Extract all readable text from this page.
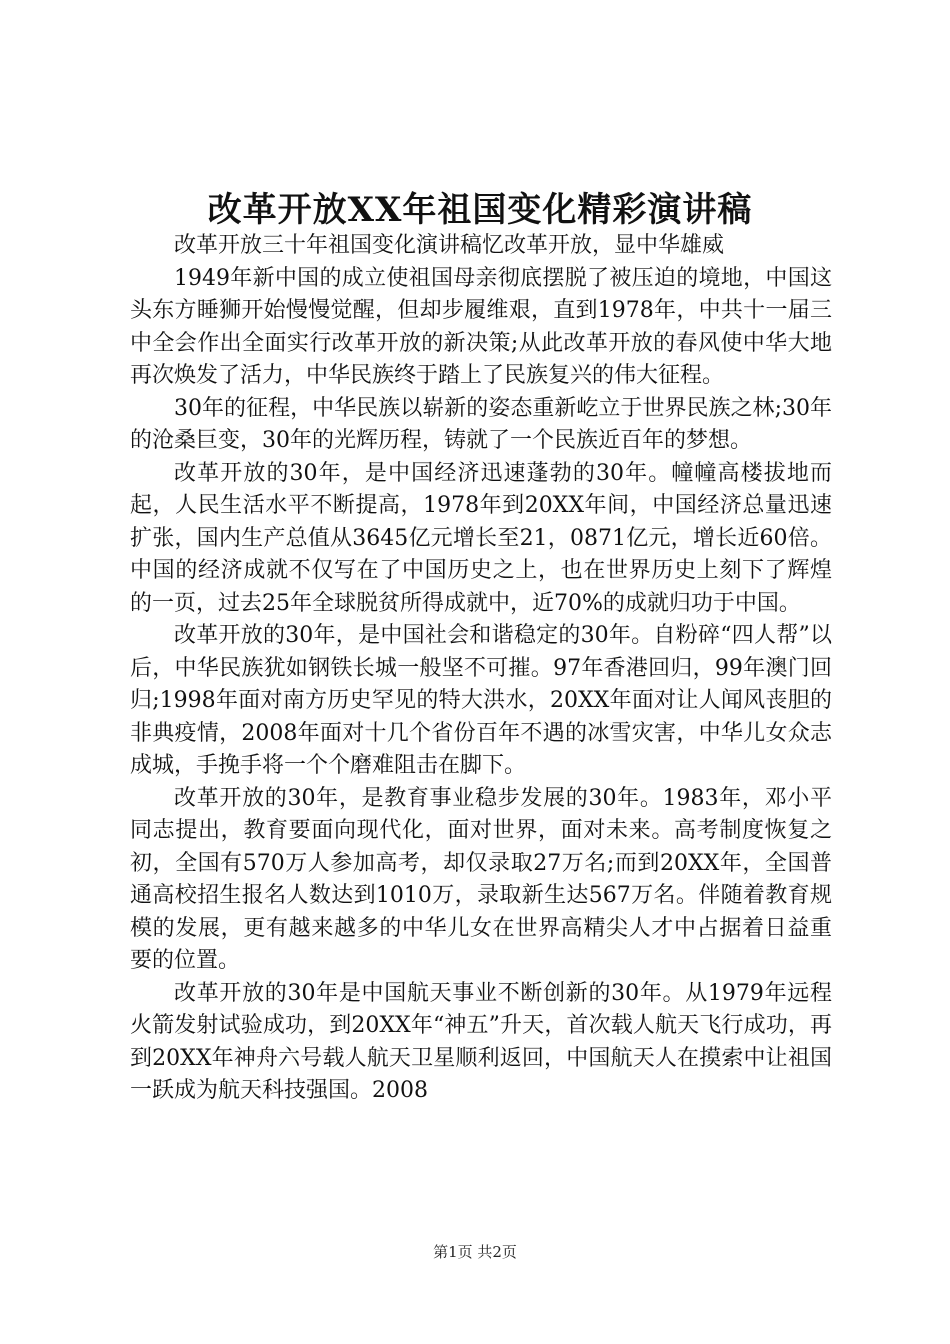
改革开放XX年祖国变化精彩演讲稿

改革开放三十年祖国变化演讲稿忆改革开放，显中华雄威

1949年新中国的成立使祖国母亲彻底摆脱了被压迫的境地，中国这头东方睡狮开始慢慢觉醒，但却步履维艰，直到1978年，中共十一届三中全会作出全面实行改革开放的新决策;从此改革开放的春风使中华大地再次焕发了活力，中华民族终于踏上了民族复兴的伟大征程。

30年的征程，中华民族以崭新的姿态重新屹立于世界民族之林;30年的沧桑巨变，30年的光辉历程，铸就了一个民族近百年的梦想。

改革开放的30年，是中国经济迅速蓬勃的30年。幢幢高楼拔地而起，人民生活水平不断提高，1978年到20XX年间，中国经济总量迅速扩张，国内生产总值从3645亿元增长至21，0871亿元，增长近60倍。中国的经济成就不仅写在了中国历史之上，也在世界历史上刻下了辉煌的一页，过去25年全球脱贫所得成就中，近70%的成就归功于中国。

改革开放的30年，是中国社会和谐稳定的30年。自粉碎“四人帮”以后，中华民族犹如钢铁长城一般坚不可摧。97年香港回归，99年澳门回归;1998年面对南方历史罕见的特大洪水，20XX年面对让人闻风丧胆的非典疫情，2008年面对十几个省份百年不遇的冰雪灾害，中华儿女众志成城，手挽手将一个个磨难阻击在脚下。

改革开放的30年，是教育事业稳步发展的30年。1983年，邓小平同志提出，教育要面向现代化，面对世界，面对未来。高考制度恢复之初，全国有570万人参加高考，却仅录取27万名;而到20XX年，全国普通高校招生报名人数达到1010万，录取新生达567万名。伴随着教育规模的发展，更有越来越多的中华儿女在世界高精尖人才中占据着日益重要的位置。

改革开放的30年是中国航天事业不断创新的30年。从1979年远程火箭发射试验成功，到20XX年“神五”升天，首次载人航天飞行成功，再到20XX年神舟六号载人航天卫星顺利返回，中国航天人在摸索中让祖国一跃成为航天科技强国。2008

第1页 共2页
